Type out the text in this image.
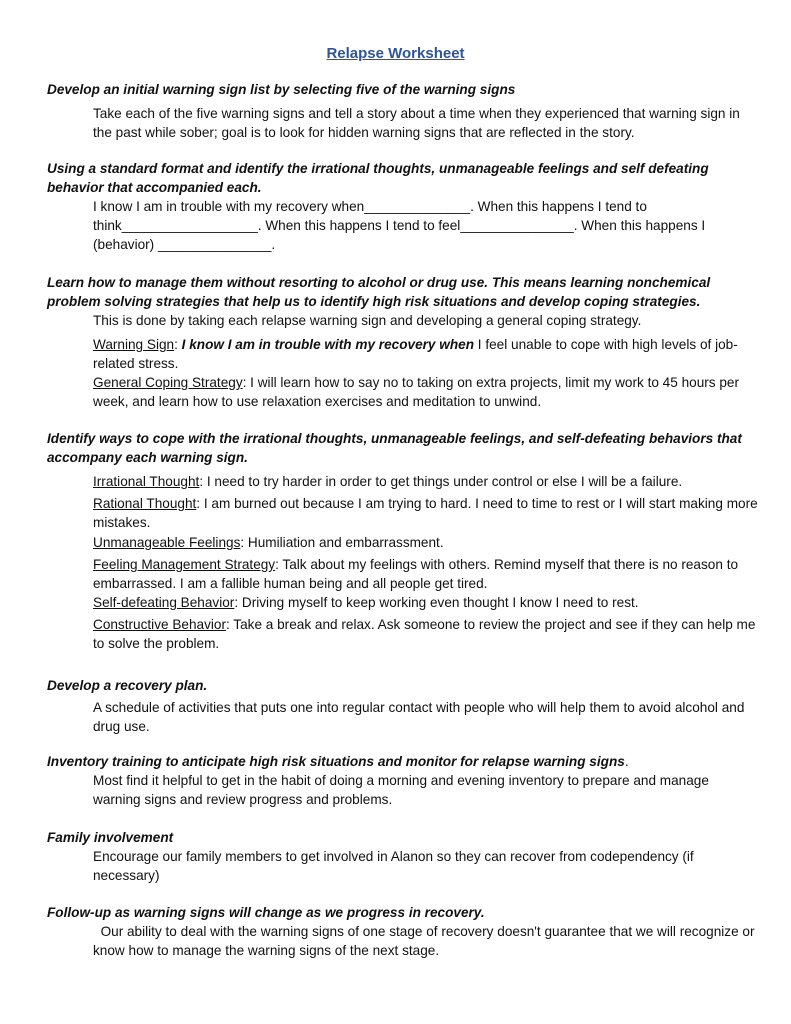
Relapse Worksheet
Develop an initial warning sign list by selecting five of the warning signs
Take each of the five warning signs and tell a story about a time when they experienced that warning sign in the past while sober; goal is to look for hidden warning signs that are reflected in the story.
Using a standard format and identify the irrational thoughts, unmanageable feelings and self defeating behavior that accompanied each.
I know I am in trouble with my recovery when______________. When this happens I tend to think__________________. When this happens I tend to feel_______________. When this happens I (behavior) _______________.
Learn how to manage them without resorting to alcohol or drug use. This means learning nonchemical problem solving strategies that help us to identify high risk situations and develop coping strategies.
This is done by taking each relapse warning sign and developing a general coping strategy.
Warning Sign: I know I am in trouble with my recovery when I feel unable to cope with high levels of job-related stress.
General Coping Strategy: I will learn how to say no to taking on extra projects, limit my work to 45 hours per week, and learn how to use relaxation exercises and meditation to unwind.
Identify ways to cope with the irrational thoughts, unmanageable feelings, and self-defeating behaviors that accompany each warning sign.
Irrational Thought: I need to try harder in order to get things under control or else I will be a failure.
Rational Thought: I am burned out because I am trying to hard. I need to time to rest or I will start making more mistakes.
Unmanageable Feelings: Humiliation and embarrassment.
Feeling Management Strategy: Talk about my feelings with others. Remind myself that there is no reason to embarrassed. I am a fallible human being and all people get tired.
Self-defeating Behavior: Driving myself to keep working even thought I know I need to rest.
Constructive Behavior: Take a break and relax. Ask someone to review the project and see if they can help me to solve the problem.
Develop a recovery plan.
A schedule of activities that puts one into regular contact with people who will help them to avoid alcohol and drug use.
Inventory training to anticipate high risk situations and monitor for relapse warning signs.
Most find it helpful to get in the habit of doing a morning and evening inventory to prepare and manage warning signs and review progress and problems.
Family involvement
Encourage our family members to get involved in Alanon so they can recover from codependency (if necessary)
Follow-up as warning signs will change as we progress in recovery.
Our ability to deal with the warning signs of one stage of recovery doesn't guarantee that we will recognize or know how to manage the warning signs of the next stage.
